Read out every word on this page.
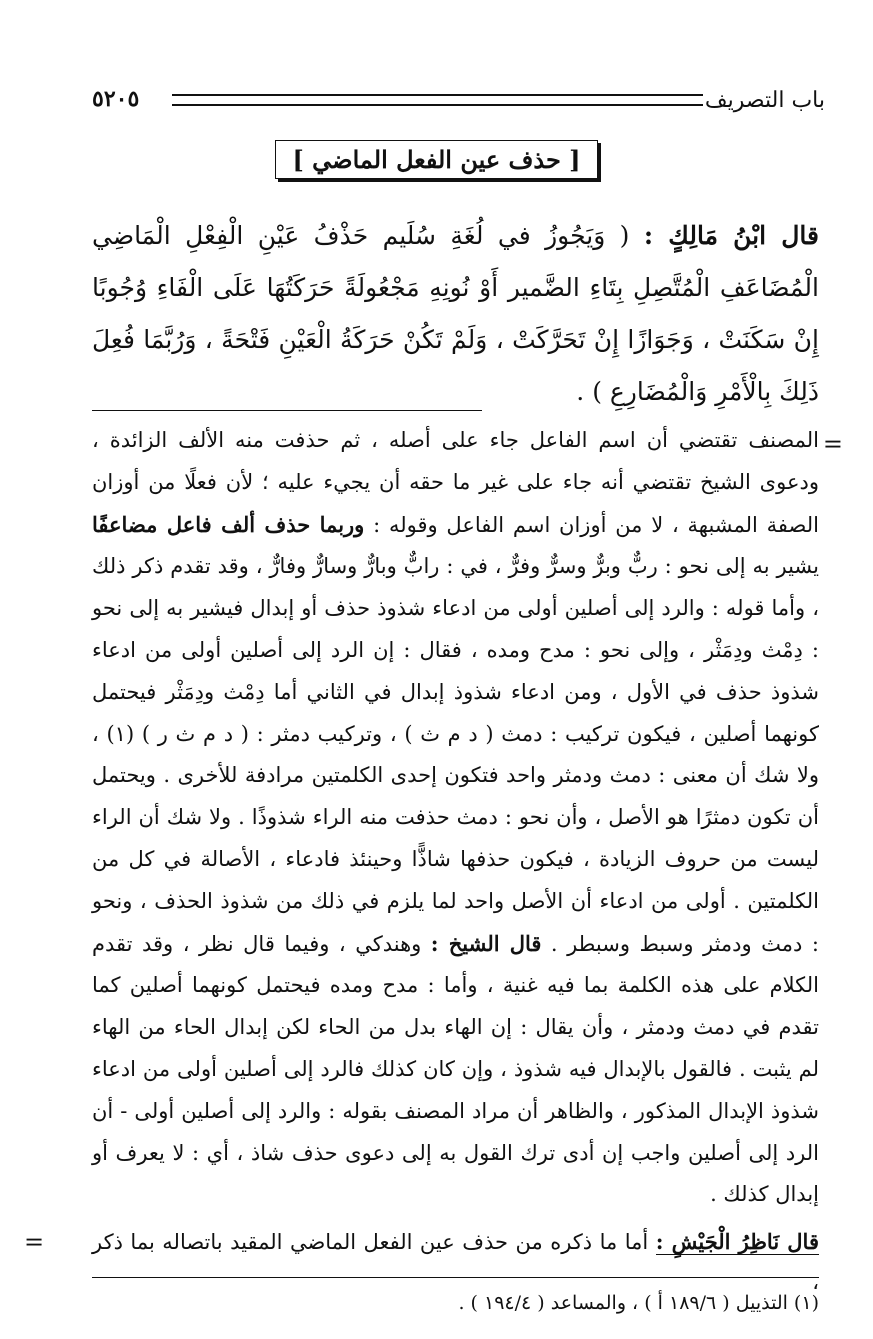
باب التصريف
٥٢٠٥
[ حذف عين الفعل الماضي ]
قال ابْنُ مَالِكٍ : ( وَيَجُوزُ في لُغَةِ سُلَيم حَذْفُ عَيْنِ الْفِعْلِ الْمَاضِي الْمُضَاعَفِ الْمُتَّصِلِ بِتَاءِ الضَّمير أَوْ نُونِهِ مَجْعُولَةً حَرَكَتُهَا عَلَى الْفَاءِ وُجُوبًا إِنْ سَكَنَتْ ، وَجَوَازًا إِنْ تَحَرَّكَتْ ، وَلَمْ تَكُنْ حَرَكَةُ الْعَيْنِ فَتْحَةً ، وَرُبَّمَا فُعِلَ ذَلِكَ بِالْأَمْرِ وَالْمُضَارِعِ ) .
=
المصنف تقتضي أن اسم الفاعل جاء على أصله ، ثم حذفت منه الألف الزائدة ، ودعوى الشيخ تقتضي أنه جاء على غير ما حقه أن يجيء عليه ؛ لأن فعلًا من أوزان الصفة المشبهة ، لا من أوزان اسم الفاعل وقوله : وربما حذف ألف فاعل مضاعفًا يشير به إلى نحو : ربٌّ وبرٌّ وسرٌّ وفرٌّ ، في : رابٌّ وبارٌّ وسارٌّ وفارٌّ ، وقد تقدم ذكر ذلك ، وأما قوله : والرد إلى أصلين أولى من ادعاء شذوذ حذف أو إبدال فيشير به إلى نحو : دِمْث ودِمَثْر ، وإلى نحو : مدح ومده ، فقال : إن الرد إلى أصلين أولى من ادعاء شذوذ حذف في الأول ، ومن ادعاء شذوذ إبدال في الثاني أما دِمْث ودِمَثْر فيحتمل كونهما أصلين ، فيكون تركيب : دمث ( د م ث ) ، وتركيب دمثر : ( د م ث ر ) (١) ، ولا شك أن معنى : دمث ودمثر واحد فتكون إحدى الكلمتين مرادفة للأخرى . ويحتمل أن تكون دمثرًا هو الأصل ، وأن نحو : دمث حذفت منه الراء شذوذًا . ولا شك أن الراء ليست من حروف الزيادة ، فيكون حذفها شاذًّا وحينئذ فادعاء ، الأصالة في كل من الكلمتين . أولى من ادعاء أن الأصل واحد لما يلزم في ذلك من شذوذ الحذف ، ونحو : دمث ودمثر وسبط وسبطر . قال الشيخ : وهندكي ، وفيما قال نظر ، وقد تقدم الكلام على هذه الكلمة بما فيه غنية ، وأما : مدح ومده فيحتمل كونهما أصلين كما تقدم في دمث ودمثر ، وأن يقال : إن الهاء بدل من الحاء لكن إبدال الحاء من الهاء لم يثبت . فالقول بالإبدال فيه شذوذ ، وإن كان كذلك فالرد إلى أصلين أولى من ادعاء شذوذ الإبدال المذكور ، والظاهر أن مراد المصنف بقوله : والرد إلى أصلين أولى - أن الرد إلى أصلين واجب إن أدى ترك القول به إلى دعوى حذف شاذ ، أي : لا يعرف أو إبدال كذلك .
قال نَاظِرُ الْجَيْشِ : أما ما ذكره من حذف عين الفعل الماضي المقيد باتصاله بما ذكر ،
=
(١) التذييل ( ١٨٩/٦ أ ) ، والمساعد ( ١٩٤/٤ ) .
